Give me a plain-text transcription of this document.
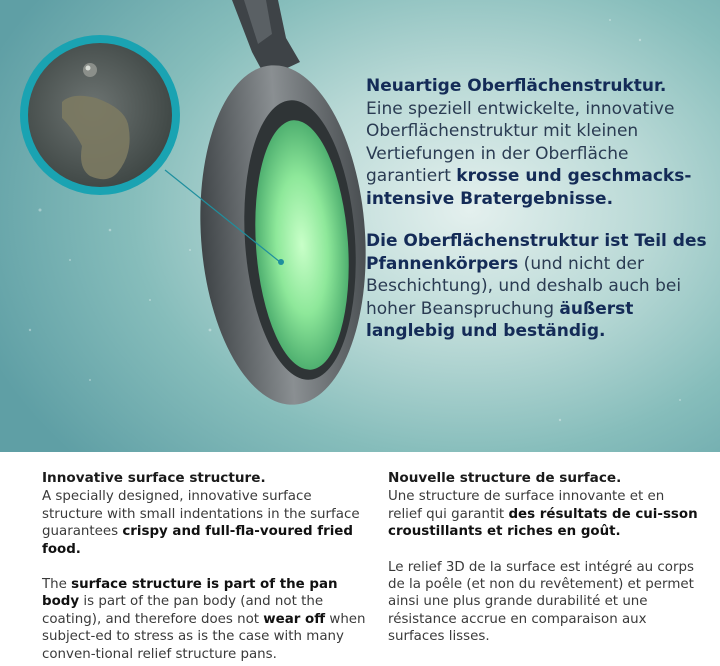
Neuartige Oberflächenstruktur.
Eine speziell entwickelte, innovative Oberflächenstruktur mit kleinen Vertiefungen in der Oberfläche garantiert krosse und geschmacks-intensive Bratergebnisse.

Die Oberflächenstruktur ist Teil des Pfannenkörpers (und nicht der Beschichtung), und deshalb auch bei hoher Beanspruchung äußerst langlebig und beständig.

Innovative surface structure.

A specially designed, innovative surface structure with small indentations in the surface guarantees crispy and full-fla-voured fried food.

The surface structure is part of the pan body is part of the pan body (and not the coating), and therefore does not wear off when subject-ed to stress as is the case with many conven-tional relief structure pans.

Nouvelle structure de surface.

Une structure de surface innovante et en relief qui garantit des résultats de cui-sson croustillants et riches en goût.

Le relief 3D de la surface est intégré au corps de la poêle (et non du revêtement) et permet ainsi une plus grande durabilité et une résistance accrue en comparaison aux surfaces lisses.
